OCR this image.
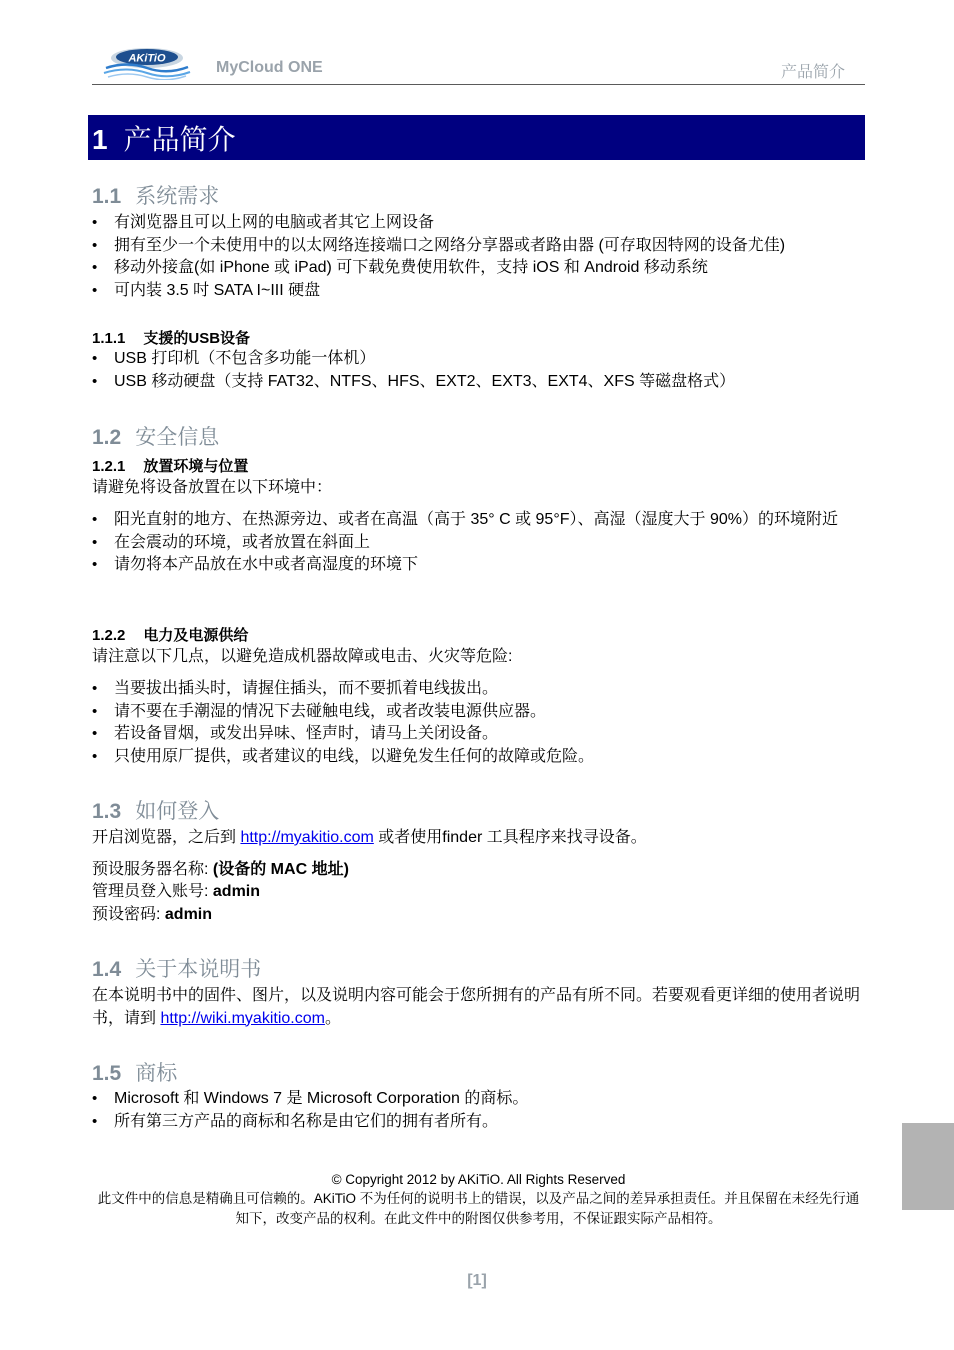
AKiTiO
MyCloud ONE	产品简介
1 产品简介
1.1 系统需求
• 有浏览器且可以上网的电脑或者其它上网设备
• 拥有至少一个未使用中的以太网络连接端口之网络分享器或者路由器 (可存取因特网的设备尤佳)
• 移动外接盒(如 iPhone 或 iPad) 可下载免费使用软件，支持 iOS 和 Android 移动系统
• 可内装 3.5 吋 SATA I~III 硬盘
1.1.1 支援的USB设备
• USB 打印机（不包含多功能一体机）
• USB 移动硬盘（支持 FAT32、NTFS、HFS、EXT2、EXT3、EXT4、XFS 等磁盘格式）
1.2 安全信息
1.2.1 放置环境与位置
请避免将设备放置在以下环境中：
• 阳光直射的地方、在热源旁边、或者在高温（高于 35° C 或 95°F）、高湿（湿度大于 90%）的环境附近
• 在会震动的环境，或者放置在斜面上
• 请勿将本产品放在水中或者高湿度的环境下
1.2.2 电力及电源供给
请注意以下几点，以避免造成机器故障或电击、火灾等危险:
• 当要拔出插头时，请握住插头，而不要抓着电线拔出。
• 请不要在手潮湿的情况下去碰触电线，或者改装电源供应器。
• 若设备冒烟，或发出异味、怪声时，请马上关闭设备。
• 只使用原厂提供，或者建议的电线，以避免发生任何的故障或危险。
1.3 如何登入
开启浏览器，之后到 http://myakitio.com 或者使用finder 工具程序来找寻设备。
预设服务器名称: (设备的 MAC 地址)
管理员登入账号: admin
预设密码: admin
1.4 关于本说明书
在本说明书中的固件、图片，以及说明内容可能会于您所拥有的产品有所不同。若要观看更详细的使用者说明书，请到 http://wiki.myakitio.com。
1.5 商标
• Microsoft 和 Windows 7 是 Microsoft Corporation 的商标。
• 所有第三方产品的商标和名称是由它们的拥有者所有。
© Copyright 2012 by AKiTiO. All Rights Reserved
此文件中的信息是精确且可信赖的。AKiTiO 不为任何的说明书上的错误，以及产品之间的差异承担责任。并且保留在未经先行通知下，改变产品的权利。在此文件中的附图仅供参考用，不保证跟实际产品相符。
[1]
